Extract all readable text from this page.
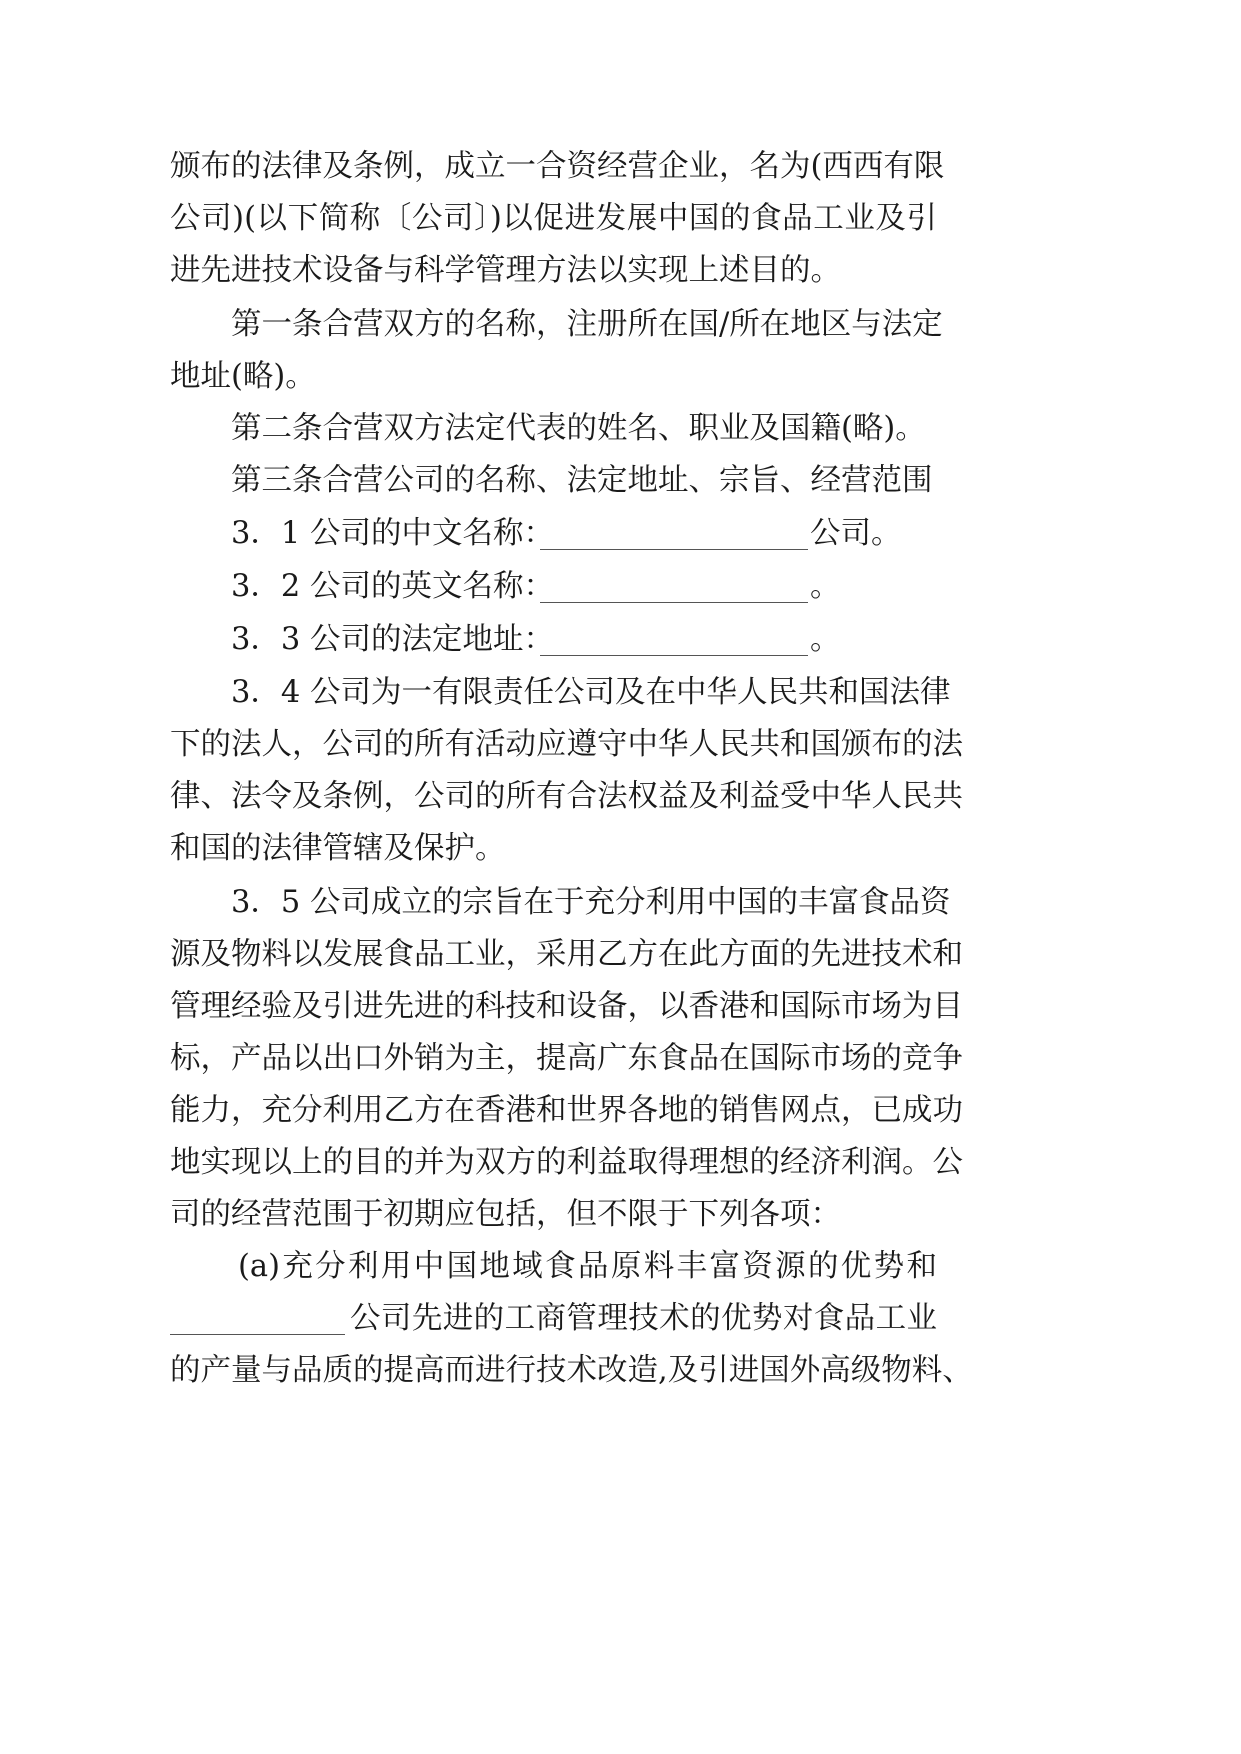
颁布的法律及条例，成立一合资经营企业，名为(西西有限
公司)(以下简称〔公司〕)以促进发展中国的食品工业及引
进先进技术设备与科学管理方法以实现上述目的。
第一条合营双方的名称，注册所在国/所在地区与法定
地址(略)。
第二条合营双方法定代表的姓名、职业及国籍(略)。
第三条合营公司的名称、法定地址、宗旨、经营范围
3．1 公司的中文名称：	公司。
3．2 公司的英文名称：	。
3．3 公司的法定地址：	。
3．4 公司为一有限责任公司及在中华人民共和国法律
下的法人，公司的所有活动应遵守中华人民共和国颁布的法
律、法令及条例，公司的所有合法权益及利益受中华人民共
和国的法律管辖及保护。
3．5 公司成立的宗旨在于充分利用中国的丰富食品资
源及物料以发展食品工业，采用乙方在此方面的先进技术和
管理经验及引进先进的科技和设备，以香港和国际市场为目
标，产品以出口外销为主，提高广东食品在国际市场的竞争
能力，充分利用乙方在香港和世界各地的销售网点，已成功
地实现以上的目的并为双方的利益取得理想的经济利润。公
司的经营范围于初期应包括，但不限于下列各项：
(a)充分利用中国地域食品原料丰富资源的优势和
公司先进的工商管理技术的优势对食品工业
的产量与品质的提高而进行技术改造,及引进国外高级物料、
